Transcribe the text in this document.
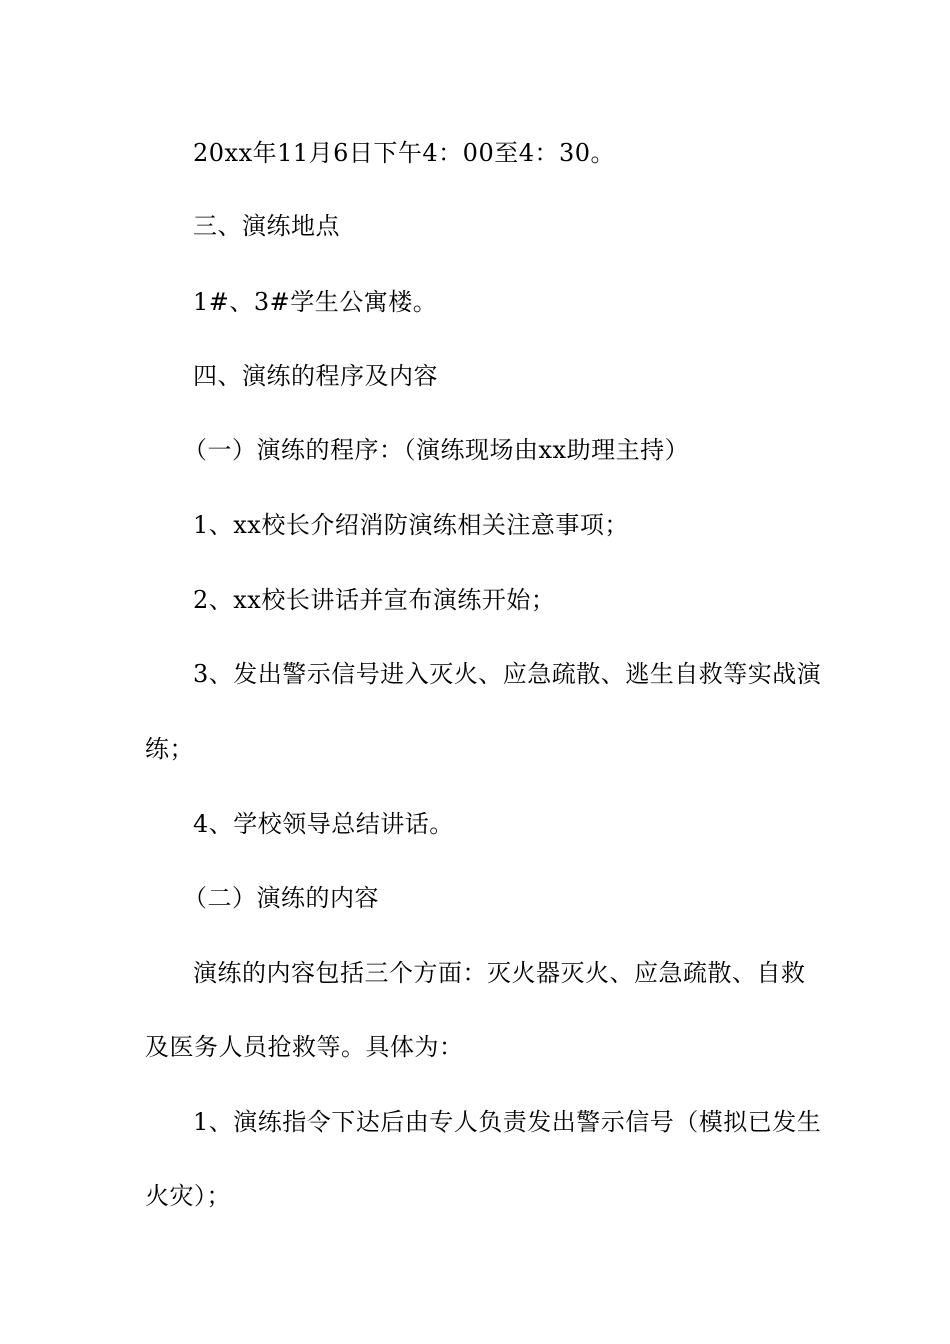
20xx年11月6日下午4：00至4：30。
三、演练地点
1#、3#学生公寓楼。
四、演练的程序及内容
（一）演练的程序：（演练现场由xx助理主持）
1、xx校长介绍消防演练相关注意事项；
2、xx校长讲话并宣布演练开始；
3、发出警示信号进入灭火、应急疏散、逃生自救等实战演
练；
4、学校领导总结讲话。
（二）演练的内容
演练的内容包括三个方面：灭火器灭火、应急疏散、自救
及医务人员抢救等。具体为：
1、演练指令下达后由专人负责发出警示信号（模拟已发生
火灾）；
